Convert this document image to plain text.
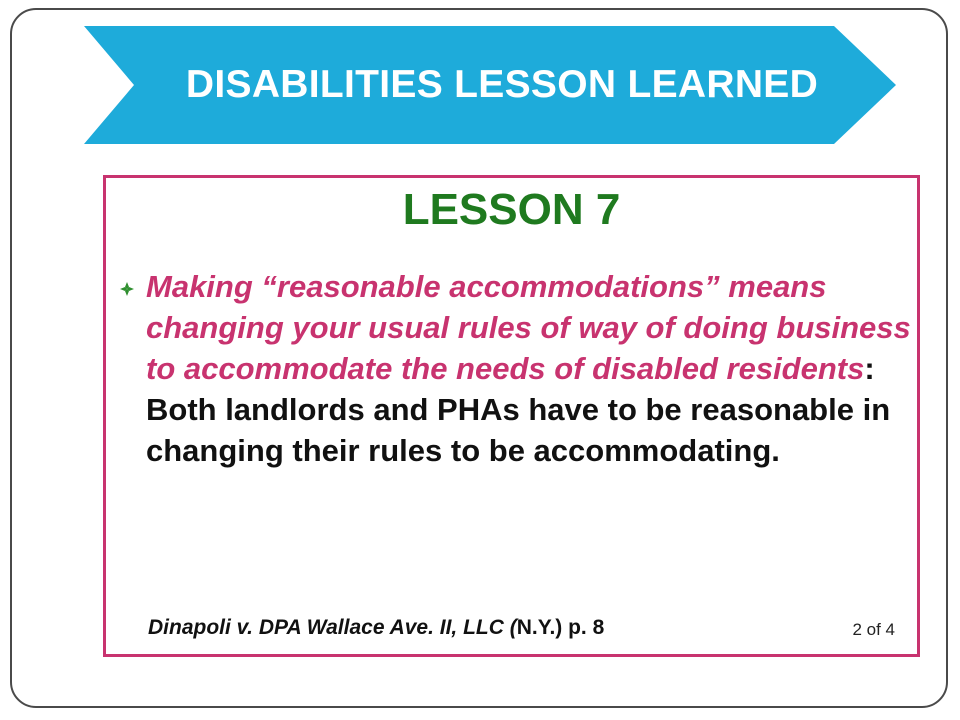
DISABILITIES LESSON LEARNED
LESSON 7

Making “reasonable accommodations” means changing your usual rules of way of doing business to accommodate the needs of disabled residents: Both landlords and PHAs have to be reasonable in changing their rules to be accommodating.

Dinapoli v. DPA Wallace Ave. II, LLC (N.Y.) p. 8	2 of 4
